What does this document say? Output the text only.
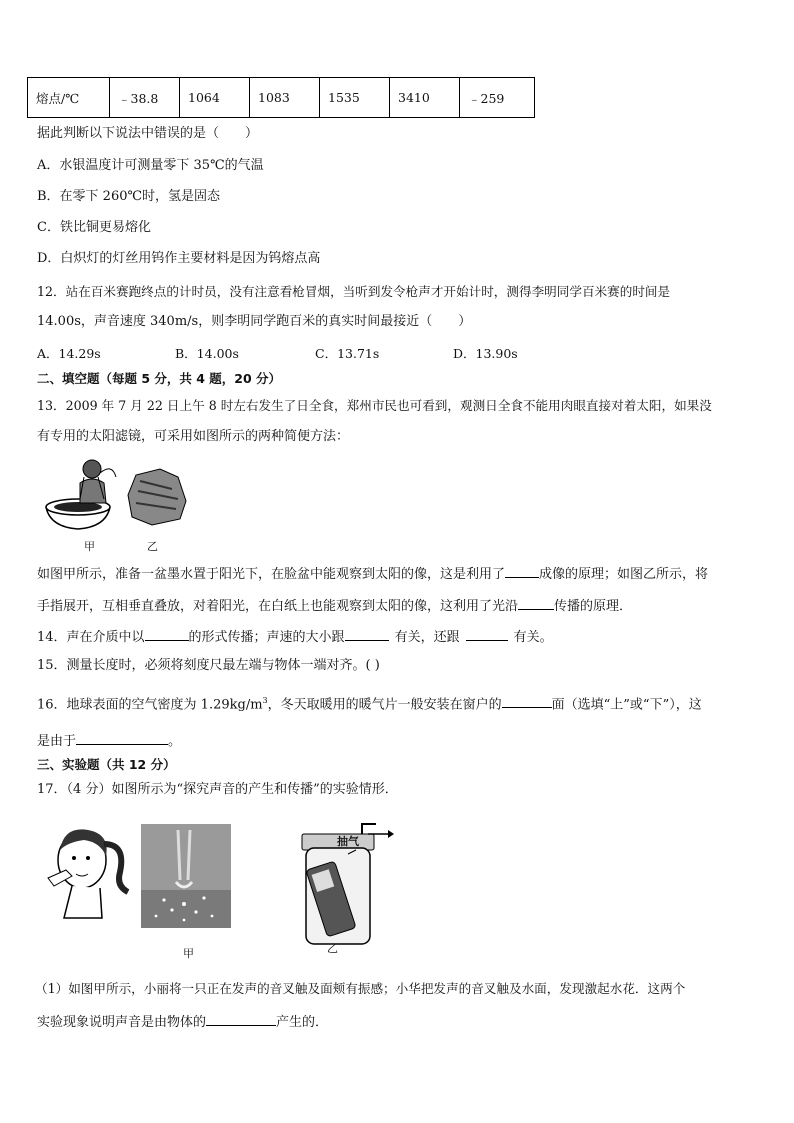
熔点/℃	﹣38.8	1064	1083	1535	3410	﹣259
据此判断以下说法中错误的是（　　）
A．水银温度计可测量零下 35℃的气温
B．在零下 260℃时，氢是固态
C．铁比铜更易熔化
D．白炽灯的灯丝用钨作主要材料是因为钨熔点高
12．站在百米赛跑终点的计时员，没有注意看枪冒烟，当听到发令枪声才开始计时，测得李明同学百米赛的时间是
14.00s，声音速度 340m/s，则李明同学跑百米的真实时间最接近（　　）
A．14.29s	B．14.00s	C．13.71s	D．13.90s
二、填空题（每题 5 分，共 4 题，20 分）
13．2009 年 7 月 22 日上午 8 时左右发生了日全食，郑州市民也可看到，观测日全食不能用肉眼直接对着太阳，如果没
有专用的太阳滤镜，可采用如图所示的两种简便方法：
甲	乙
如图甲所示，准备一盆墨水置于阳光下，在脸盆中能观察到太阳的像，这是利用了	成像的原理；如图乙所示，将
手指展开，互相垂直叠放，对着阳光，在白纸上也能观察到太阳的像，这利用了光沿	传播的原理．
14．声在介质中以	的形式传播；声速的大小跟	有关，还跟	有关。
15．测量长度时，必须将刻度尺最左端与物体一端对齐。( )
16．地球表面的空气密度为 $1.29kg/m^3$，冬天取暖用的暖气片一般安装在窗户的	面（选填“上”或“下”），这
是由于	。
三、实验题（共 12 分）
17．（4 分）如图所示为“探究声音的产生和传播”的实验情形．
抽气
甲	乙
（1）如图甲所示，小丽将一只正在发声的音叉触及面颊有振感；小华把发声的音叉触及水面，发现激起水花．这两个
实验现象说明声音是由物体的	产生的．
